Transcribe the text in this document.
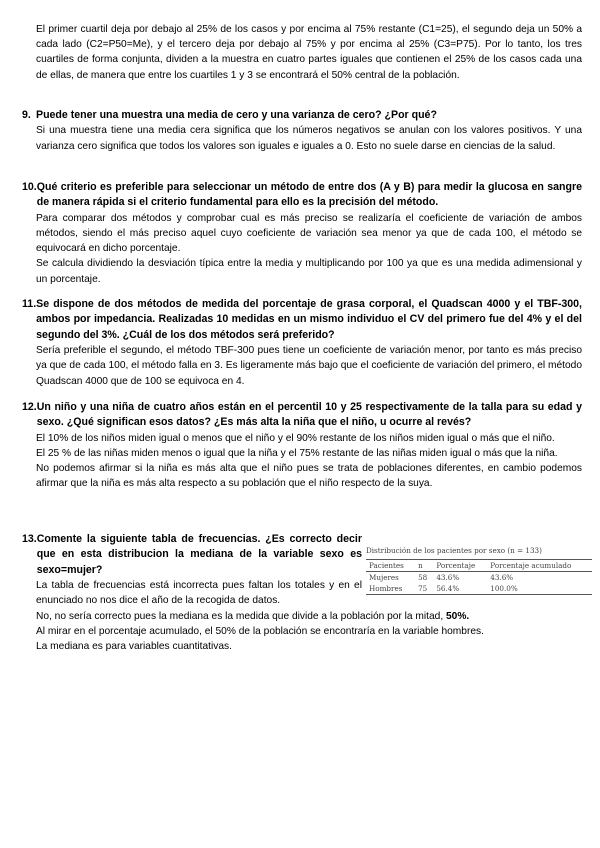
El primer cuartil deja por debajo al 25% de los casos y por encima al 75% restante (C1=25), el segundo deja un 50% a cada lado (C2=P50=Me), y el tercero deja por debajo al 75% y por encima al 25% (C3=P75). Por lo tanto, los tres cuartiles de forma conjunta, dividen a la muestra en cuatro partes iguales que contienen el 25% de los casos cada una de ellas, de manera que entre los cuartiles 1 y 3 se encontrará el 50% central de la población.

9. Puede tener una muestra una media de cero y una varianza de cero? ¿Por qué?

Si una muestra tiene una media cera significa que los números negativos se anulan con los valores positivos. Y una varianza cero significa que todos los valores son iguales e iguales a 0. Esto no suele darse en ciencias de la salud.

10. Qué criterio es preferible para seleccionar un método de entre dos (A y B) para medir la glucosa en sangre de manera rápida si el criterio fundamental para ello es la precisión del método.

Para comparar dos métodos y comprobar cual es más preciso se realizaría el coeficiente de variación de ambos métodos, siendo el más preciso aquel cuyo coeficiente de variación sea menor ya que de cada 100, el método se equivocará en dicho porcentaje.

Se calcula dividiendo la desviación típica entre la media y multiplicando por 100 ya que es una medida adimensional y un porcentaje.

11. Se dispone de dos métodos de medida del porcentaje de grasa corporal, el Quadscan 4000 y el TBF-300, ambos por impedancia. Realizadas 10 medidas en un mismo individuo el CV del primero fue del 4% y el del segundo del 3%. ¿Cuál de los dos métodos será preferido?

Sería preferible el segundo, el método TBF-300 pues tiene un coeficiente de variación menor, por tanto es más preciso ya que de cada 100, el método falla en 3. Es ligeramente más bajo que el coeficiente de variación del primero, el método Quadscan 4000 que de 100 se equivoca en 4.

12. Un niño y una niña de cuatro años están en el percentil 10 y 25 respectivamente de la talla para su edad y sexo. ¿Qué significan esos datos? ¿Es más alta la niña que el niño, u ocurre al revés?

El 10% de los niños miden igual o menos que el niño y el 90% restante de los niños miden igual o más que el niño.

El 25 % de las niñas miden menos o igual que la niña y el 75% restante de las niñas miden igual o más que la niña.

No podemos afirmar si la niña es más alta que el niño pues se trata de poblaciones diferentes, en cambio podemos afirmar que la niña es más alta respecto a su población que el niño respecto de la suya.

13. Comente la siguiente tabla de frecuencias. ¿Es correcto decir que en esta distribucion la mediana de la variable sexo es sexo=mujer?

La tabla de frecuencias está incorrecta pues faltan los totales y en el enunciado no nos dice el año de la recogida de datos.

No, no sería correcto pues la mediana es la medida que divide a la población por la mitad, 50%.

Al mirar en el porcentaje acumulado, el 50% de la población se encontraría en la variable hombres.

La mediana es para variables cuantitativas.

Distribución de los pacientes por sexo (n = 133)
Pacientes	n	Porcentaje	Porcentaje acumulado
Mujeres	58	43.6%	43.6%
Hombres	75	56.4%	100.0%
